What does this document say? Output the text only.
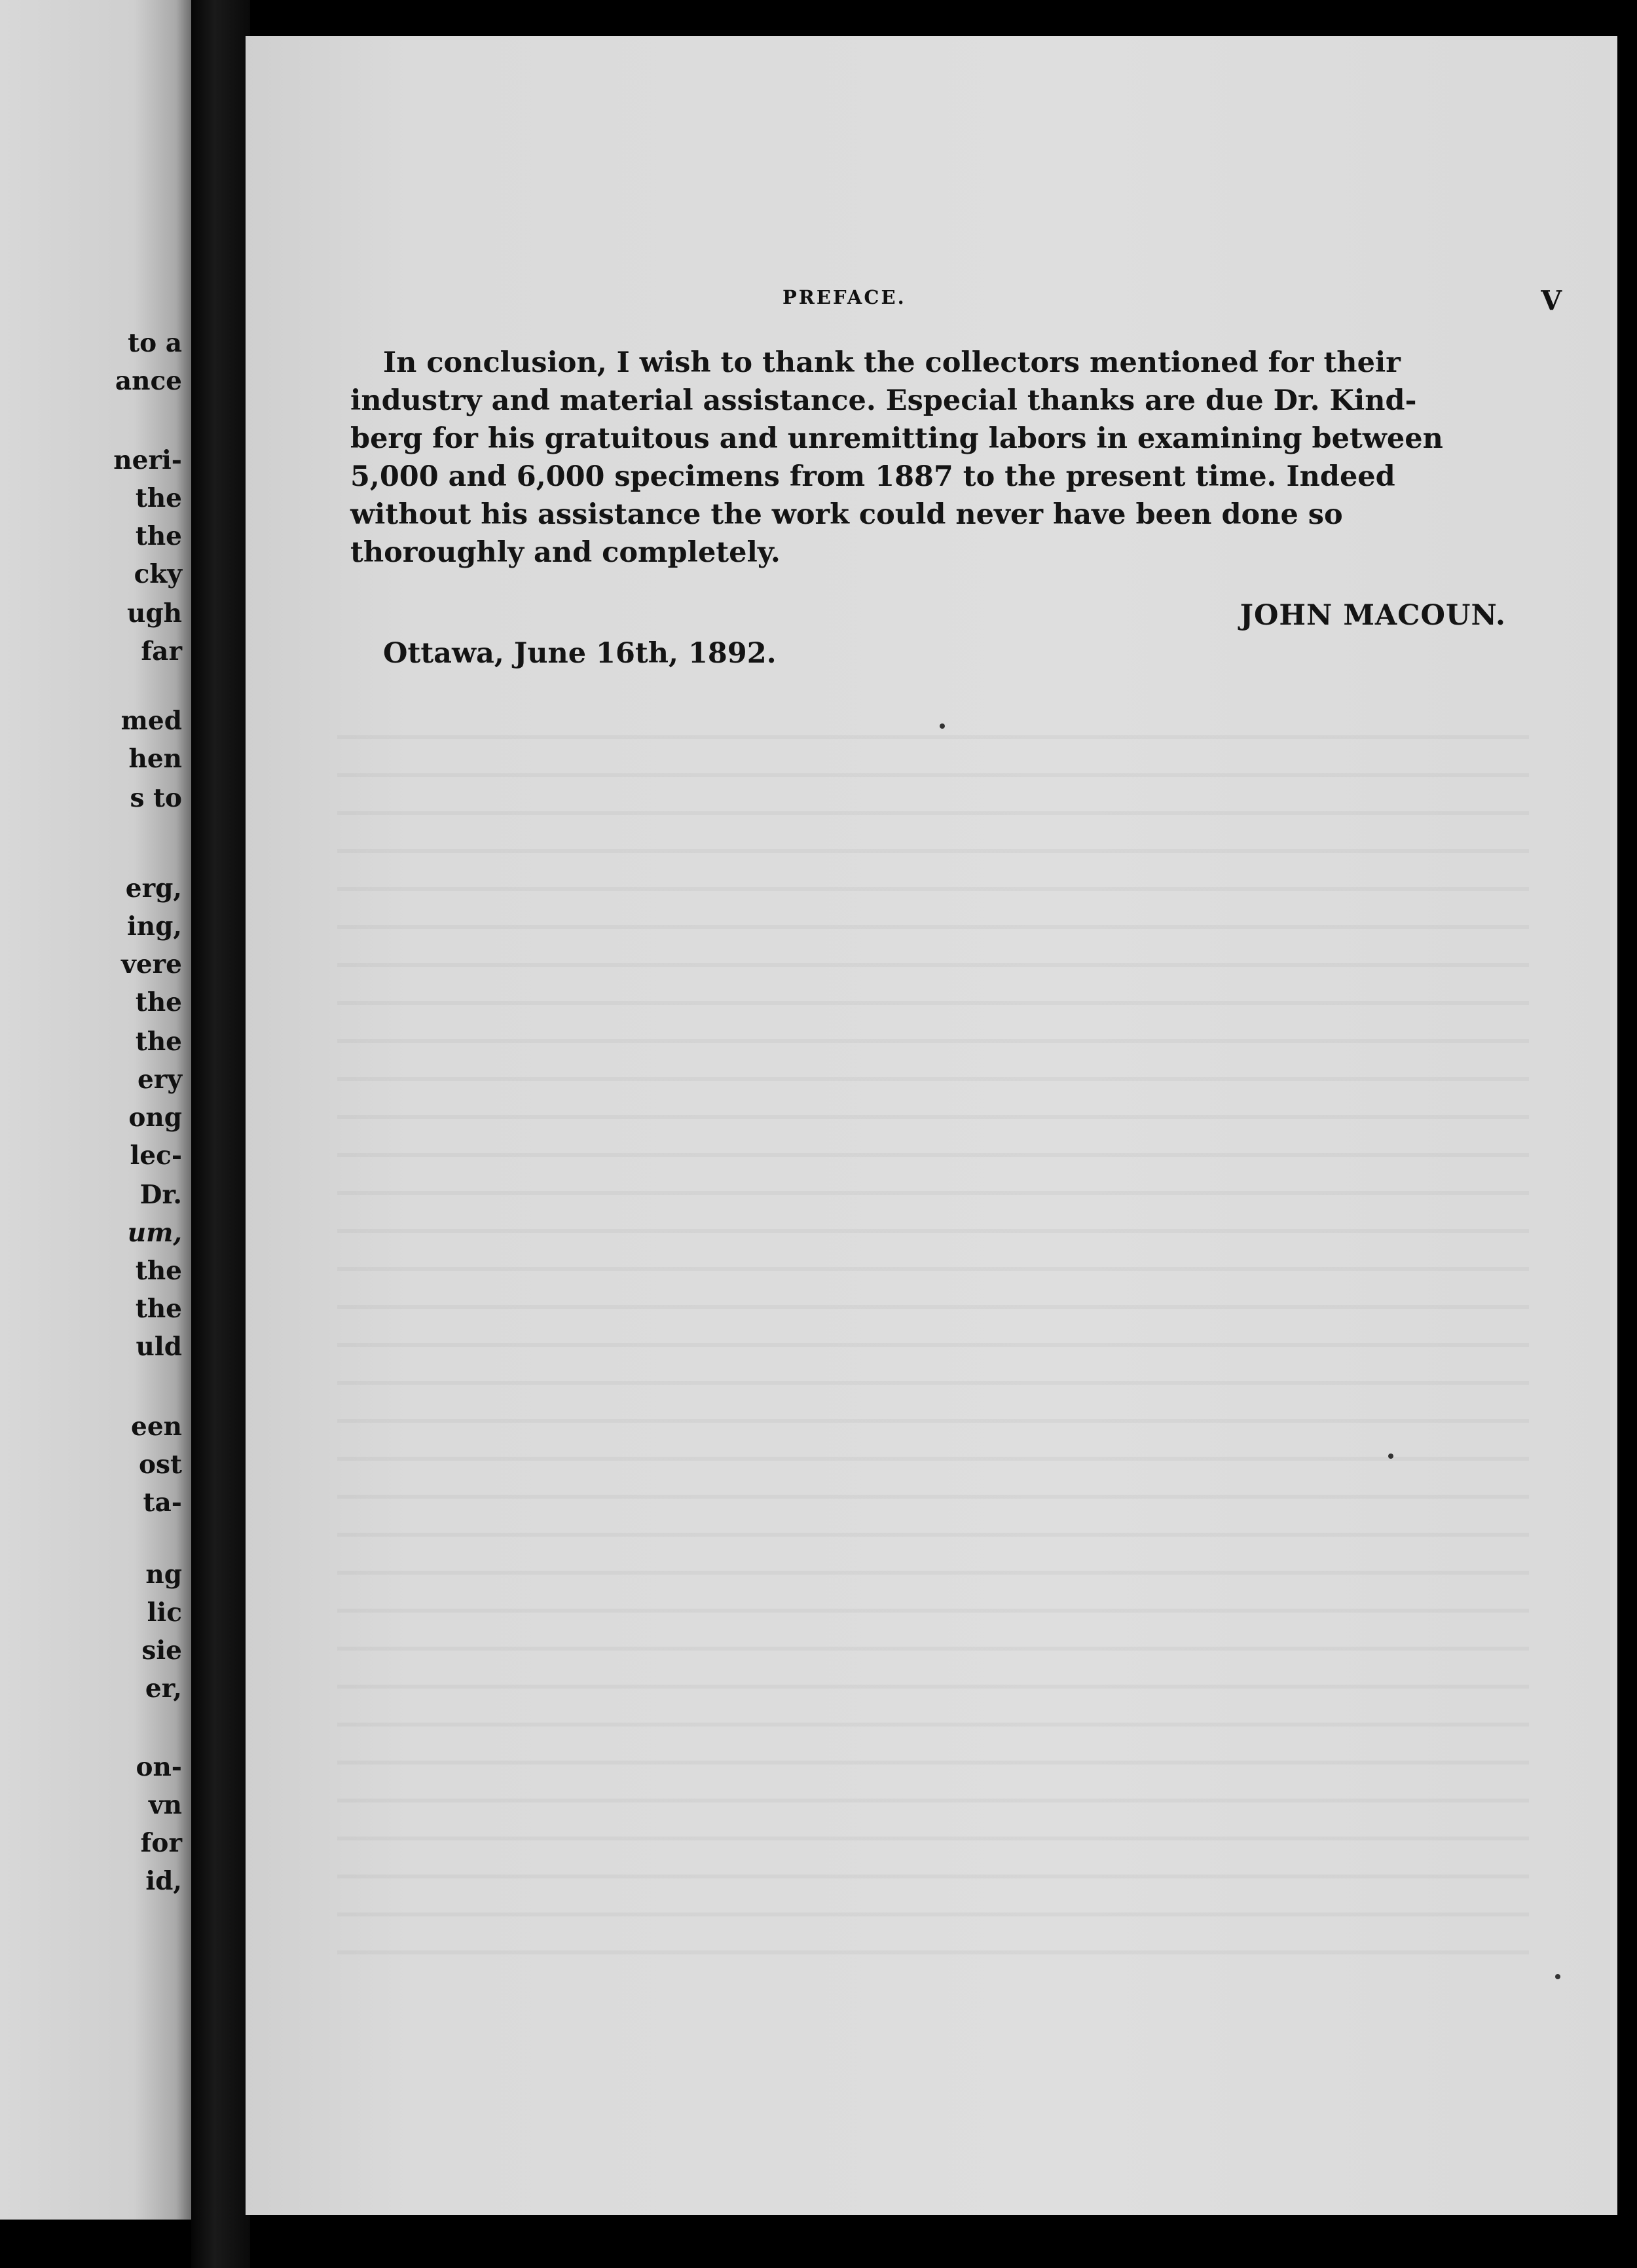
to a
ance
neri-
the
the
cky
ugh
far
med
hen
s to
erg,
ing,
vere
the
the
ery
ong
lec-
Dr.
um,
the
the
uld
een
ost
ta-
ng
lic
sie
er,
on-
vn
for
id,
PREFACE.	V
In conclusion, I wish to thank the collectors mentioned for their
industry and material assistance. Especial thanks are due Dr. Kind-
berg for his gratuitous and unremitting labors in examining between
5,000 and 6,000 specimens from 1887 to the present time. Indeed
without his assistance the work could never have been done so
thoroughly and completely.
JOHN MACOUN.
Ottawa, June 16th, 1892.
